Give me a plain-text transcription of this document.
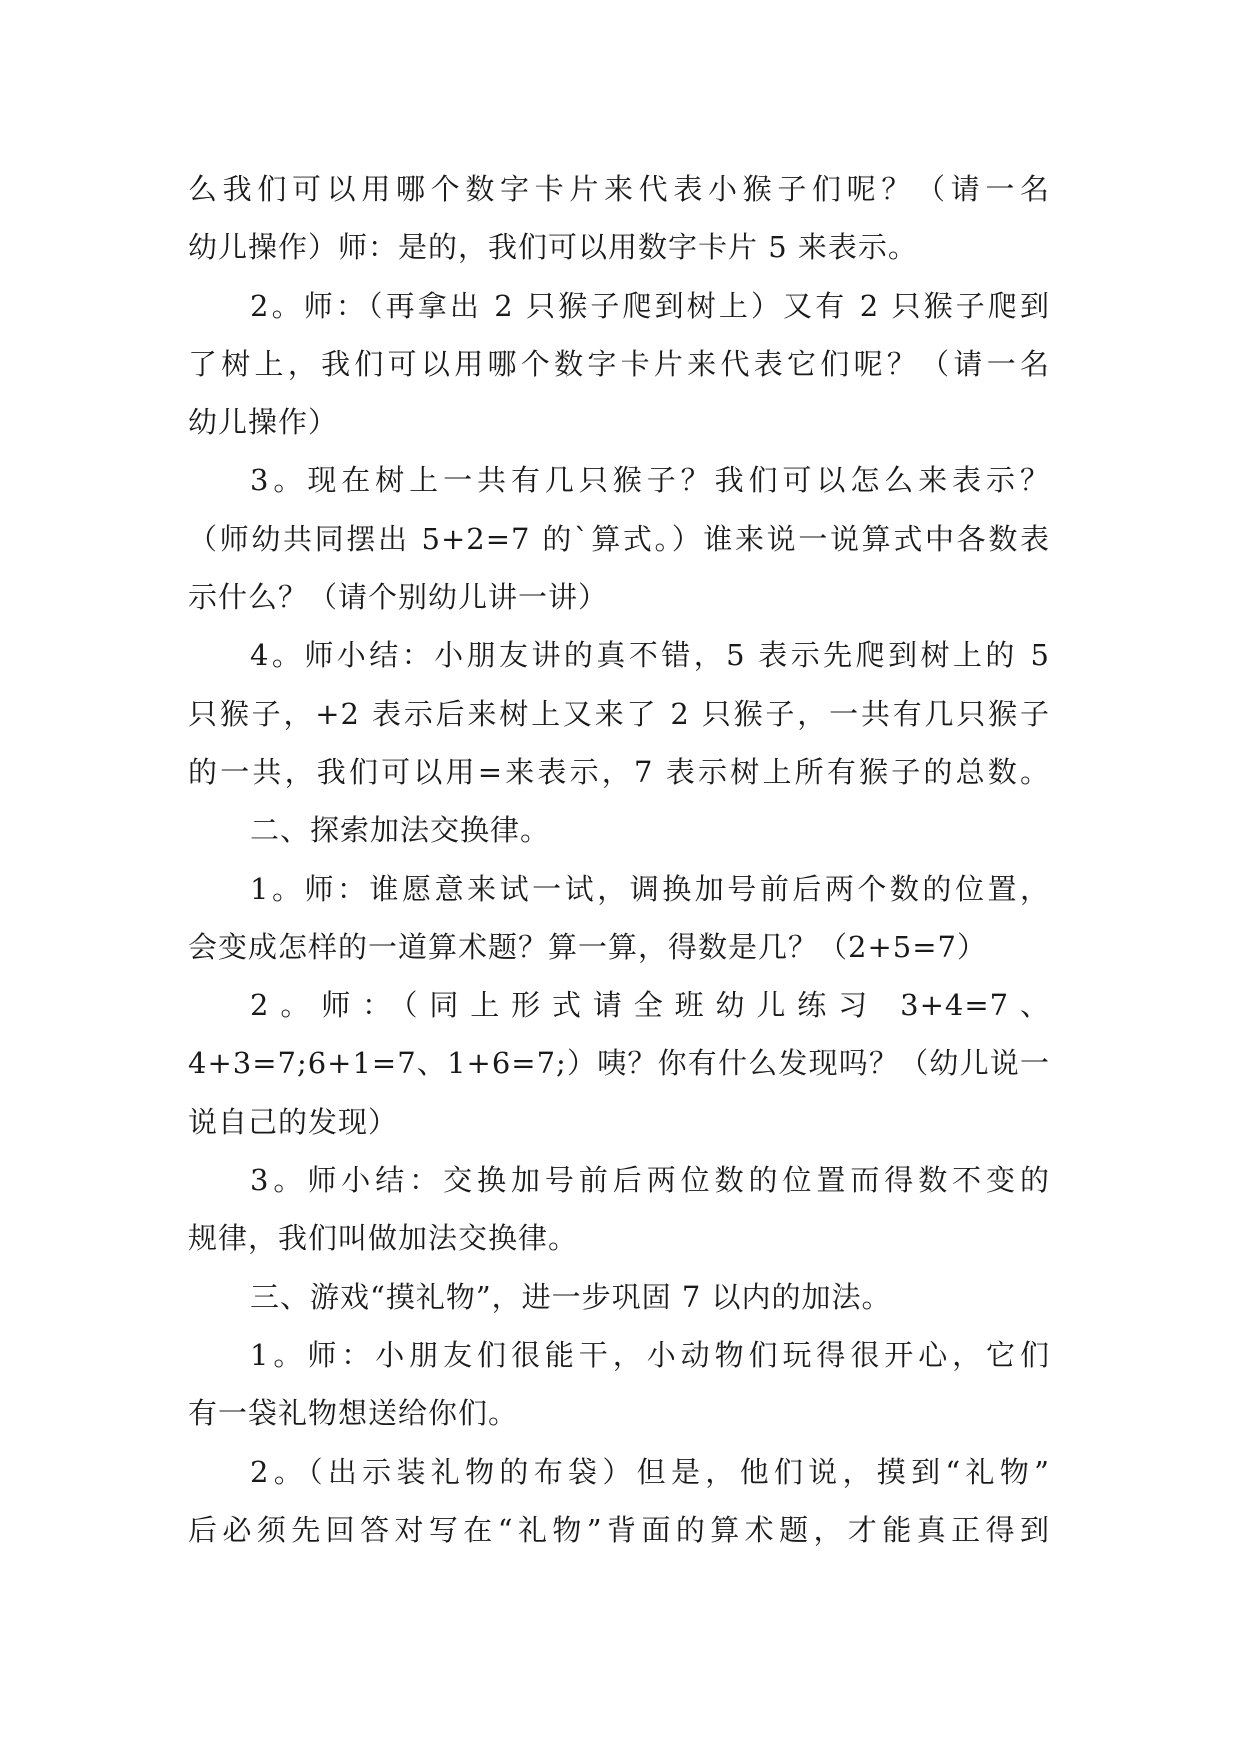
么我们可以用哪个数字卡片来代表小猴子们呢？（请一名
幼儿操作）师：是的，我们可以用数字卡片 5 来表示。
2。师：（再拿出 2 只猴子爬到树上）又有 2 只猴子爬到
了树上，我们可以用哪个数字卡片来代表它们呢？（请一名
幼儿操作）
3。现在树上一共有几只猴子？我们可以怎么来表示？
（师幼共同摆出 5+2=7 的`算式。）谁来说一说算式中各数表
示什么？（请个别幼儿讲一讲）
4。师小结：小朋友讲的真不错，5 表示先爬到树上的 5
只猴子，+2 表示后来树上又来了 2 只猴子，一共有几只猴子
的一共，我们可以用=来表示，7 表示树上所有猴子的总数。
二、探索加法交换律。
1。师：谁愿意来试一试，调换加号前后两个数的位置，
会变成怎样的一道算术题？算一算，得数是几？（2+5=7）
2。师：（同上形式请全班幼儿练习 3+4=7、
4+3=7;6+1=7、1+6=7;）咦？你有什么发现吗？（幼儿说一
说自己的发现）
3。师小结：交换加号前后两位数的位置而得数不变的
规律，我们叫做加法交换律。
三、游戏“摸礼物”，进一步巩固 7 以内的加法。
1。师：小朋友们很能干，小动物们玩得很开心，它们
有一袋礼物想送给你们。
2。（出示装礼物的布袋）但是，他们说，摸到“礼物”
后必须先回答对写在“礼物”背面的算术题，才能真正得到
